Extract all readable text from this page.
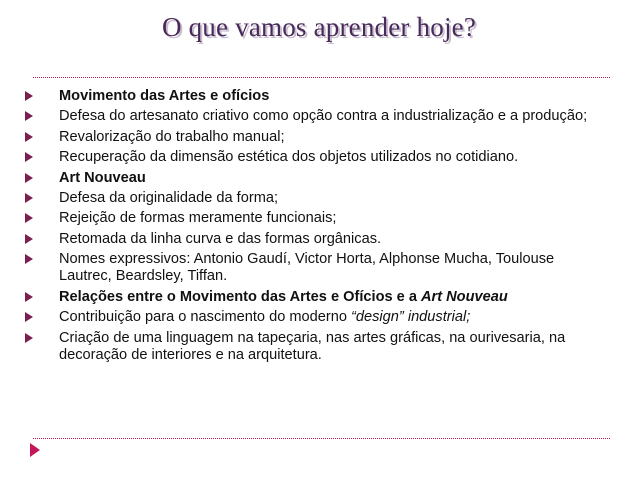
O que vamos aprender hoje?
Movimento das Artes e ofícios
Defesa do artesanato criativo como opção contra a industrialização e a produção;
Revalorização do trabalho manual;
Recuperação da dimensão estética dos objetos utilizados no cotidiano.
Art Nouveau
Defesa da originalidade da forma;
Rejeição de formas meramente funcionais;
Retomada da linha curva e das formas orgânicas.
Nomes expressivos: Antonio Gaudí, Victor Horta, Alphonse Mucha, Toulouse Lautrec, Beardsley, Tiffan.
Relações entre o Movimento das Artes e Ofícios e a Art Nouveau
Contribuição para o nascimento do moderno “design” industrial;
Criação de uma linguagem na tapeçaria, nas artes gráficas, na ourivesaria, na decoração de interiores e na arquitetura.
